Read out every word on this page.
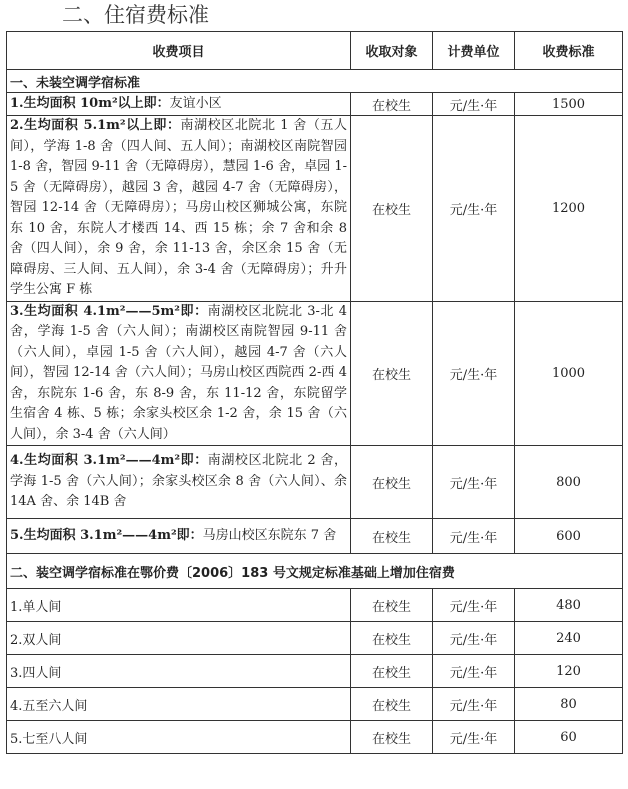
二、住宿费标准
收费项目	收取对象	计费单位	收费标准
一、未装空调学宿标准			
1.生均面积 10m²以上即：友谊小区	在校生	元/生·年	1500
2.生均面积 5.1m²以上即：南湖校区北院北 1 舍（五人间），学海 1-8 舍（四人间、五人间）；南湖校区南院智园 1-8 舍，智园 9-11 舍（无障碍房），慧园 1-6 舍，卓园 1-5 舍（无障碍房），越园 3 舍，越园 4-7 舍（无障碍房），智园 12-14 舍（无障碍房）；马房山校区狮城公寓，东院东 10 舍，东院人才楼西 14、西 15 栋；余 7 舍和余 8 舍（四人间），余 9 舍，余 11-13 舍，余区余 15 舍（无障碍房、三人间、五人间），余 3-4 舍（无障碍房）；升升学生公寓 F 栋	在校生	元/生·年	1200
3.生均面积 4.1m²——5m²即：南湖校区北院北 3-北 4 舍，学海 1-5 舍（六人间）；南湖校区南院智园 9-11 舍（六人间），卓园 1-5 舍（六人间），越园 4-7 舍（六人间），智园 12-14 舍（六人间）；马房山校区西院西 2-西 4 舍，东院东 1-6 舍，东 8-9 舍，东 11-12 舍，东院留学生宿舍 4 栋、5 栋；余家头校区余 1-2 舍，余 15 舍（六人间），余 3-4 舍（六人间）	在校生	元/生·年	1000
4.生均面积 3.1m²——4m²即：南湖校区北院北 2 舍，学海 1-5 舍（六人间）；余家头校区余 8 舍（六人间）、余 14A 舍、余 14B 舍	在校生	元/生·年	800
5.生均面积 3.1m²——4m²即：马房山校区东院东 7 舍	在校生	元/生·年	600
二、装空调学宿标准在鄂价费〔2006〕183 号文规定标准基础上增加住宿费			
1.单人间	在校生	元/生·年	480
2.双人间	在校生	元/生·年	240
3.四人间	在校生	元/生·年	120
4.五至六人间	在校生	元/生·年	80
5.七至八人间	在校生	元/生·年	60
